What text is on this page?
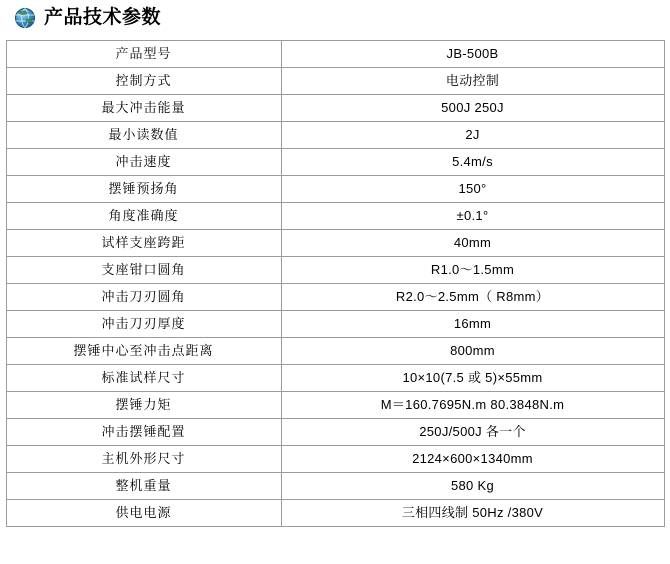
产品技术参数
产品型号	JB-500B
控制方式	电动控制
最大冲击能量	500J 250J
最小读数值	2J
冲击速度	5.4m/s
摆锤预扬角	150°
角度准确度	±0.1°
试样支座跨距	40mm
支座钳口圆角	R1.0～1.5mm
冲击刀刃圆角	R2.0～2.5mm（ R8mm）
冲击刀刃厚度	16mm
摆锤中心至冲击点距离	800mm
标准试样尺寸	10×10(7.5 或 5)×55mm
摆锤力矩	M＝160.7695N.m 80.3848N.m
冲击摆锤配置	250J/500J 各一个
主机外形尺寸	2124×600×1340mm
整机重量	580 Kg
供电电源	三相四线制 50Hz /380V
